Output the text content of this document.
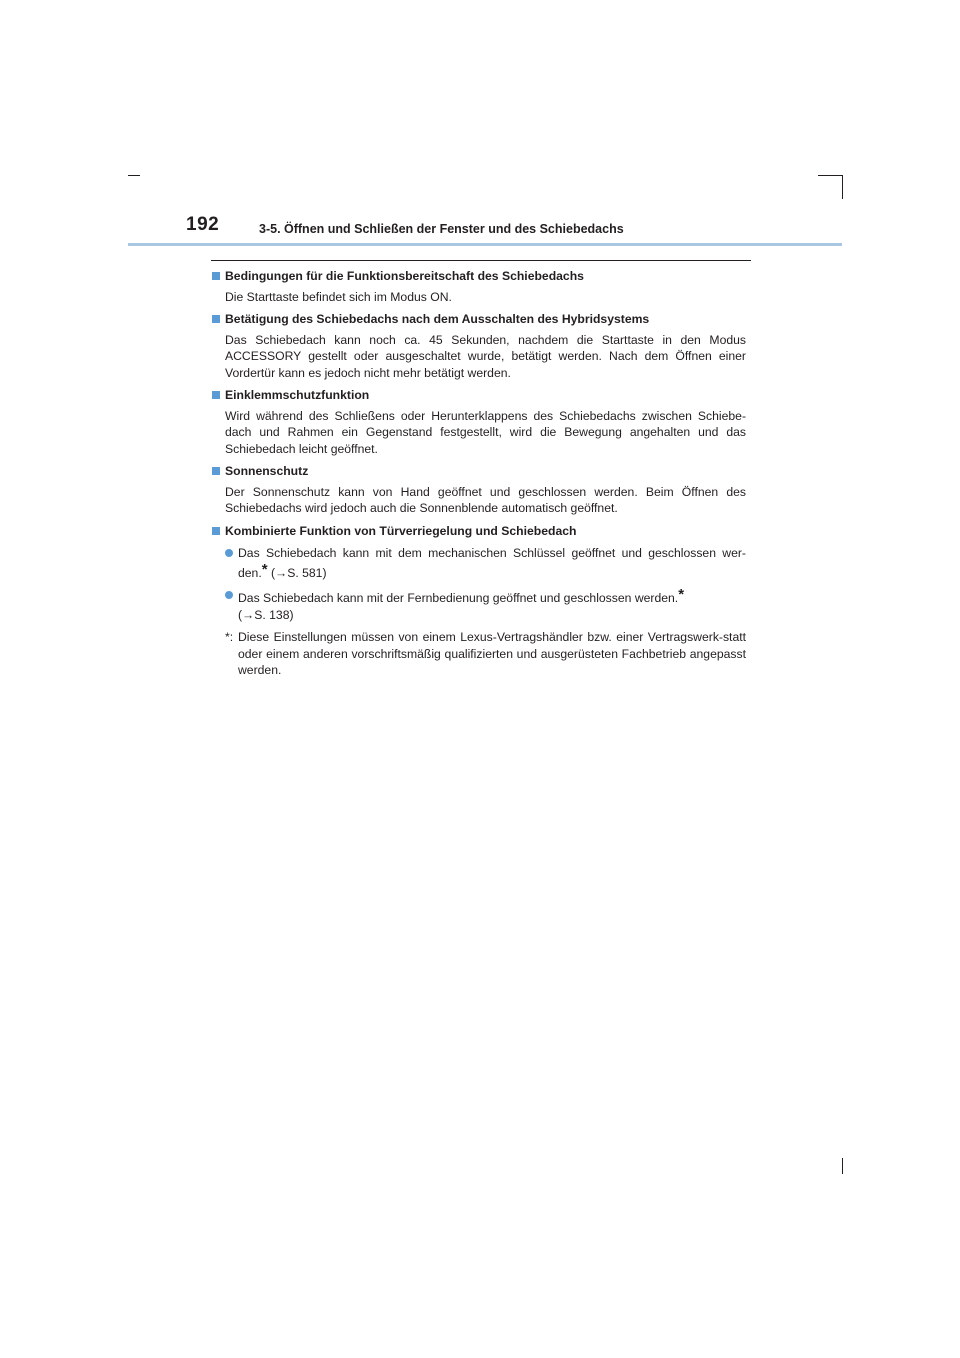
192	3-5. Öffnen und Schließen der Fenster und des Schiebedachs
Bedingungen für die Funktionsbereitschaft des Schiebedachs
Die Starttaste befindet sich im Modus ON.
Betätigung des Schiebedachs nach dem Ausschalten des Hybridsystems
Das Schiebedach kann noch ca. 45 Sekunden, nachdem die Starttaste in den Modus ACCESSORY gestellt oder ausgeschaltet wurde, betätigt werden. Nach dem Öffnen einer Vordertür kann es jedoch nicht mehr betätigt werden.
Einklemmschutzfunktion
Wird während des Schließens oder Herunterklappens des Schiebedachs zwischen Schiebe-dach und Rahmen ein Gegenstand festgestellt, wird die Bewegung angehalten und das Schiebedach leicht geöffnet.
Sonnenschutz
Der Sonnenschutz kann von Hand geöffnet und geschlossen werden. Beim Öffnen des Schiebedachs wird jedoch auch die Sonnenblende automatisch geöffnet.
Kombinierte Funktion von Türverriegelung und Schiebedach
Das Schiebedach kann mit dem mechanischen Schlüssel geöffnet und geschlossen wer-den.* (→S. 581)
Das Schiebedach kann mit der Fernbedienung geöffnet und geschlossen werden.*
(→S. 138)
*: Diese Einstellungen müssen von einem Lexus-Vertragshändler bzw. einer Vertragswerk-statt oder einem anderen vorschriftsmäßig qualifizierten und ausgerüsteten Fachbetrieb angepasst werden.
